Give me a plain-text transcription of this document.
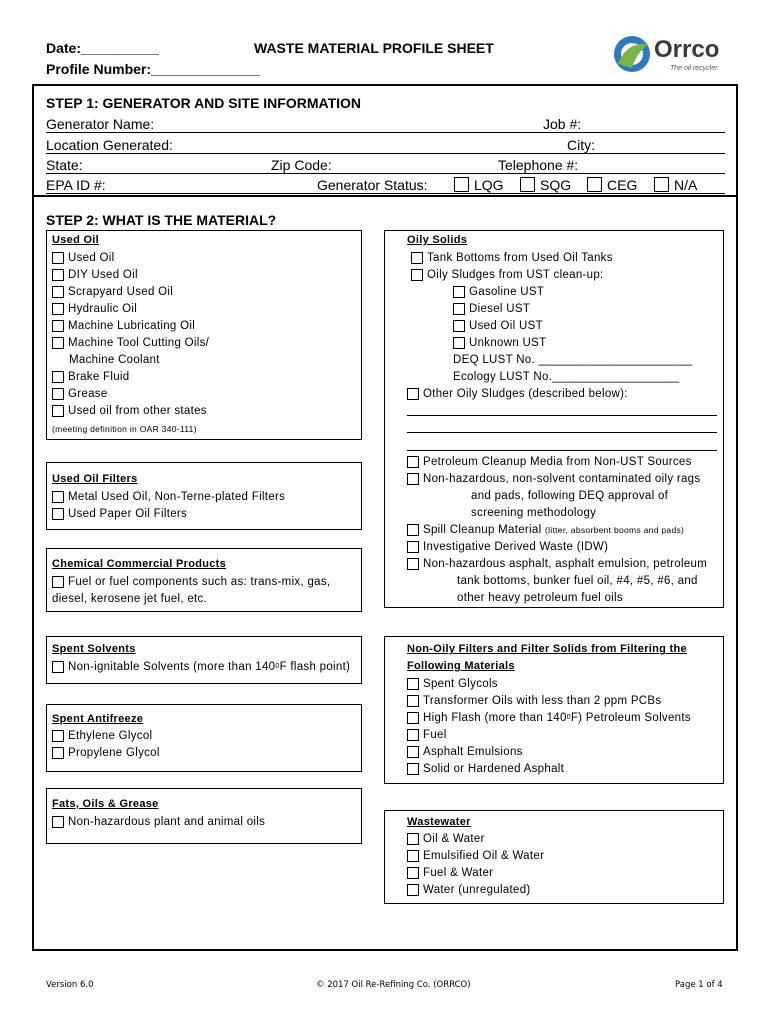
Date:__________
Profile Number:______________
WASTE MATERIAL PROFILE SHEET	Orrco
The oil recycler.
STEP 1: GENERATOR AND SITE INFORMATION
Generator Name:	Job #:
Location Generated:	City:
State:	Zip Code:	Telephone #:
EPA ID #:	Generator Status:	LQG	SQG	CEG	N/A
STEP 2: WHAT IS THE MATERIAL?
Used Oil
Used Oil
DIY Used Oil
Scrapyard Used Oil
Hydraulic Oil
Machine Lubricating Oil
Machine Tool Cutting Oils/
Machine Coolant
Brake Fluid
Grease
Used oil from other states
(meeting definition in OAR 340-111)
Used Oil Filters
Metal Used Oil, Non-Terne-plated Filters
Used Paper Oil Filters
Chemical Commercial Products
Fuel or fuel components such as: trans-mix, gas,
diesel, kerosene jet fuel, etc.
Spent Solvents
Non-ignitable Solvents (more than 140 0 F flash point)
Spent Antifreeze
Ethylene Glycol
Propylene Glycol
Fats, Oils & Grease
Non-hazardous plant and animal oils
Oily Solids
Tank Bottoms from Used Oil Tanks
Oily Sludges from UST clean-up:
Gasoline UST
Diesel UST
Used Oil UST
Unknown UST
DEQ LUST No. _______________________
Ecology LUST No.___________________
Other Oily Sludges (described below):
Petroleum Cleanup Media from Non-UST Sources
Non-hazardous, non-solvent contaminated oily rags
and pads, following DEQ approval of
screening methodology
Spill Cleanup Material
(litter, absorbent booms and pads)
Investigative Derived Waste (IDW)
Non-hazardous asphalt, asphalt emulsion, petroleum
tank bottoms, bunker fuel oil, #4, #5, #6, and
other heavy petroleum fuel oils
Non-Oily Filters and Filter Solids from Filtering the
Following Materials
Spent Glycols
Transformer Oils with less than 2 ppm PCBs
High Flash (more than 140 0 F) Petroleum Solvents
Fuel
Asphalt Emulsions
Solid or Hardened Asphalt
Wastewater
Oil & Water
Emulsified Oil & Water
Fuel & Water
Water (unregulated)
Version 6.0	© 2017 Oil Re-Refining Co. (ORRCO)	Page 1 of 4
